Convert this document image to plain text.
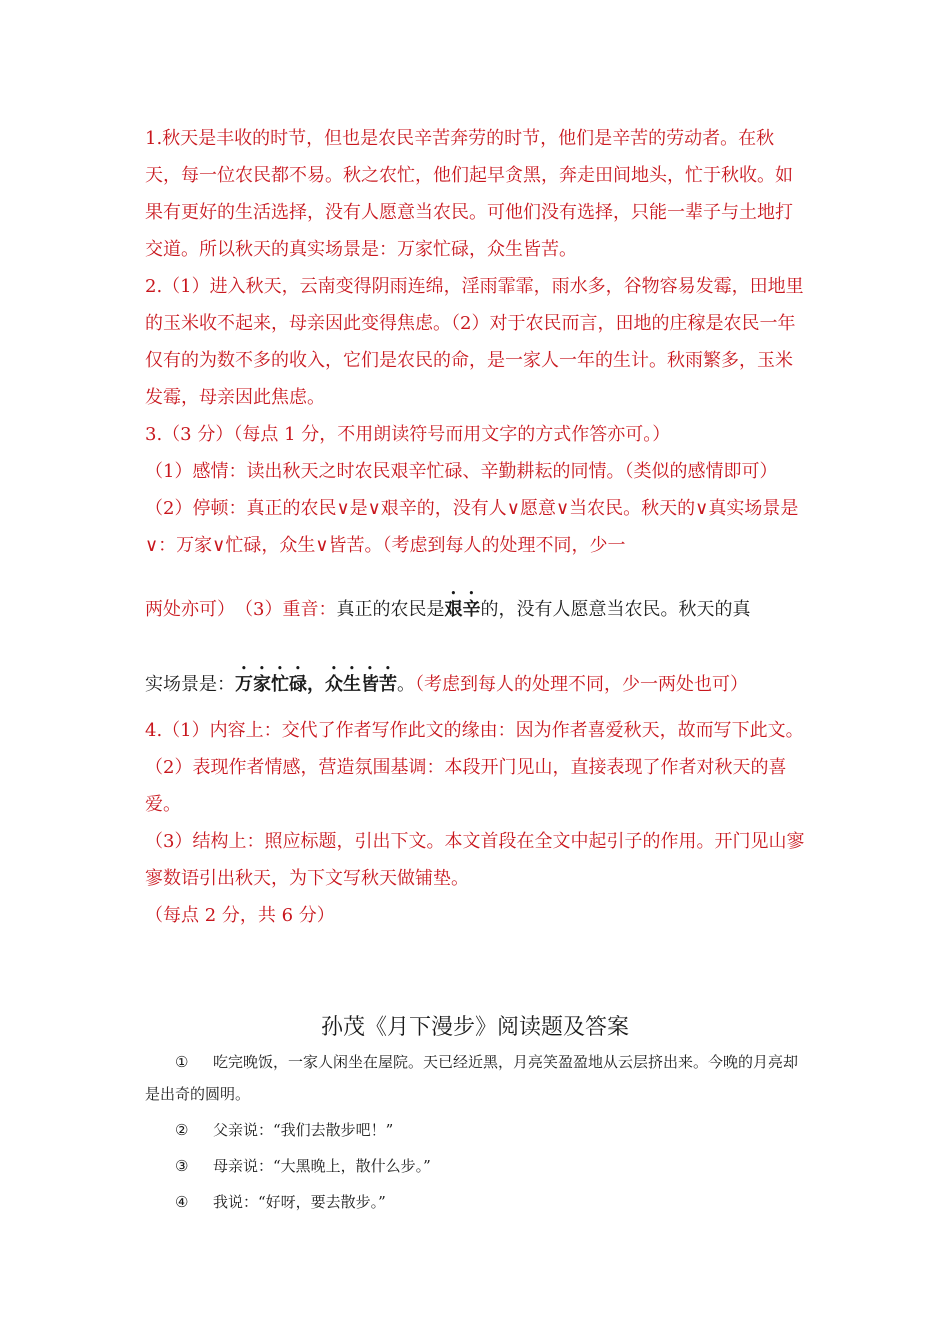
1.秋天是丰收的时节，但也是农民辛苦奔劳的时节，他们是辛苦的劳动者。在秋天，每一位农民都不易。秋之农忙，他们起早贪黑，奔走田间地头，忙于秋收。如果有更好的生活选择，没有人愿意当农民。可他们没有选择，只能一辈子与土地打交道。所以秋天的真实场景是：万家忙碌，众生皆苦。

2.（1）进入秋天，云南变得阴雨连绵，淫雨霏霏，雨水多，谷物容易发霉，田地里的玉米收不起来，母亲因此变得焦虑。（2）对于农民而言，田地的庄稼是农民一年仅有的为数不多的收入，它们是农民的命，是一家人一年的生计。秋雨繁多，玉米发霉，母亲因此焦虑。

3.（3 分）（每点 1 分，不用朗读符号而用文字的方式作答亦可。）

（1）感情：读出秋天之时农民艰辛忙碌、辛勤耕耘的同情。（类似的感情即可）　（2）停顿：真正的农民∨是∨艰辛的，没有人∨愿意∨当农民。秋天的∨真实场景是∨：万家∨忙碌，众生∨皆苦。（考虑到每人的处理不同，少一

两处亦可）　（3）重音：真正的农民是艰辛的，没有人愿意当农民。秋天的真

实场景是：万家忙碌，众生皆苦。（考虑到每人的处理不同，少一两处也可）

4.（1）内容上：交代了作者写作此文的缘由：因为作者喜爱秋天，故而写下此文。

（2）表现作者情感，营造氛围基调：本段开门见山，直接表现了作者对秋天的喜爱。

（3）结构上：照应标题，引出下文。本文首段在全文中起引子的作用。开门见山寥寥数语引出秋天，为下文写秋天做铺垫。

（每点 2 分，共 6 分）

孙茂《月下漫步》阅读题及答案

① 吃完晚饭，一家人闲坐在屋院。天已经近黑，月亮笑盈盈地从云层挤出来。今晚的月亮却是出奇的圆明。

② 父亲说：“我们去散步吧！”

③ 母亲说：“大黑晚上，散什么步。”

④ 我说：“好呀，要去散步。”
